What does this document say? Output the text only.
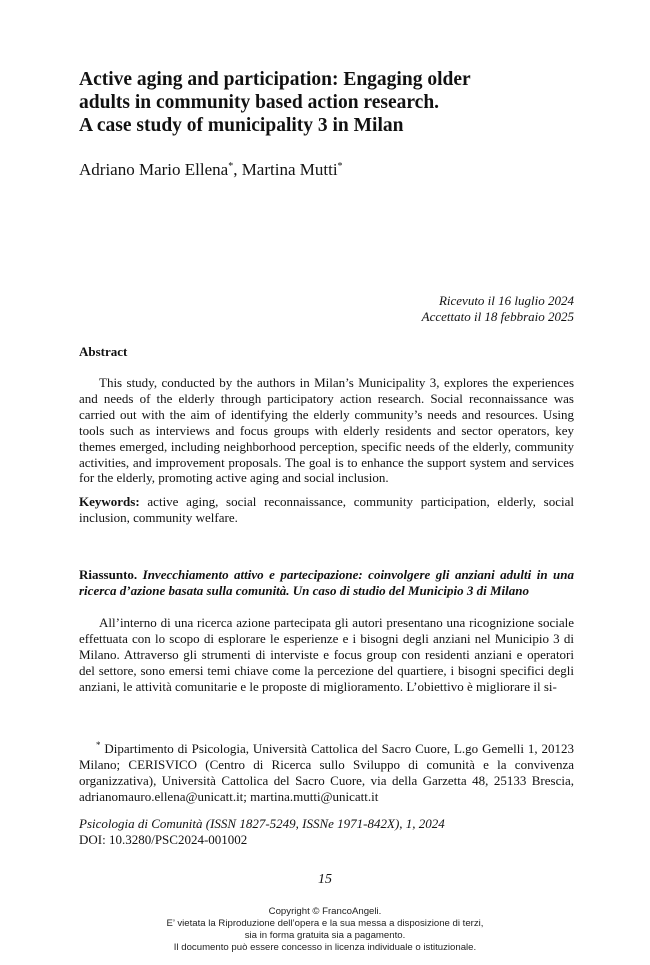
Active aging and participation: Engaging older
adults in community based action research.
A case study of municipality 3 in Milan
Adriano Mario Ellena*, Martina Mutti*
Ricevuto il 16 luglio 2024
Accettato il 18 febbraio 2025
Abstract
This study, conducted by the authors in Milan’s Municipality 3, explores the experiences and needs of the elderly through participatory action research. Social reconnaissance was carried out with the aim of identifying the elderly community’s needs and resources. Using tools such as interviews and focus groups with elderly residents and sector operators, key themes emerged, including neighborhood perception, specific needs of the elderly, community activities, and improvement proposals. The goal is to enhance the support system and services for the elderly, promoting active aging and social inclusion.
Keywords: active aging, social reconnaissance, community participation, elderly, social inclusion, community welfare.
Riassunto. Invecchiamento attivo e partecipazione: coinvolgere gli anziani adulti in una ricerca d’azione basata sulla comunità. Un caso di studio del Municipio 3 di Milano
All’interno di una ricerca azione partecipata gli autori presentano una ricognizione sociale effettuata con lo scopo di esplorare le esperienze e i bisogni degli anziani nel Municipio 3 di Milano. Attraverso gli strumenti di interviste e focus group con residenti anziani e operatori del settore, sono emersi temi chiave come la percezione del quartiere, i bisogni specifici degli anziani, le attività comunitarie e le proposte di miglioramento. L’obiettivo è migliorare il si-
* Dipartimento di Psicologia, Università Cattolica del Sacro Cuore, L.go Gemelli 1, 20123 Milano; CERISVICO (Centro di Ricerca sullo Sviluppo di comunità e la convivenza organizzativa), Università Cattolica del Sacro Cuore, via della Garzetta 48, 25133 Brescia, adrianomauro.ellena@unicatt.it; martina.mutti@unicatt.it
Psicologia di Comunità (ISSN 1827-5249, ISSNe 1971-842X), 1, 2024
DOI: 10.3280/PSC2024-001002
15
Copyright © FrancoAngeli.
E’ vietata la Riproduzione dell’opera e la sua messa a disposizione di terzi,
sia in forma gratuita sia a pagamento.
Il documento può essere concesso in licenza individuale o istituzionale.
